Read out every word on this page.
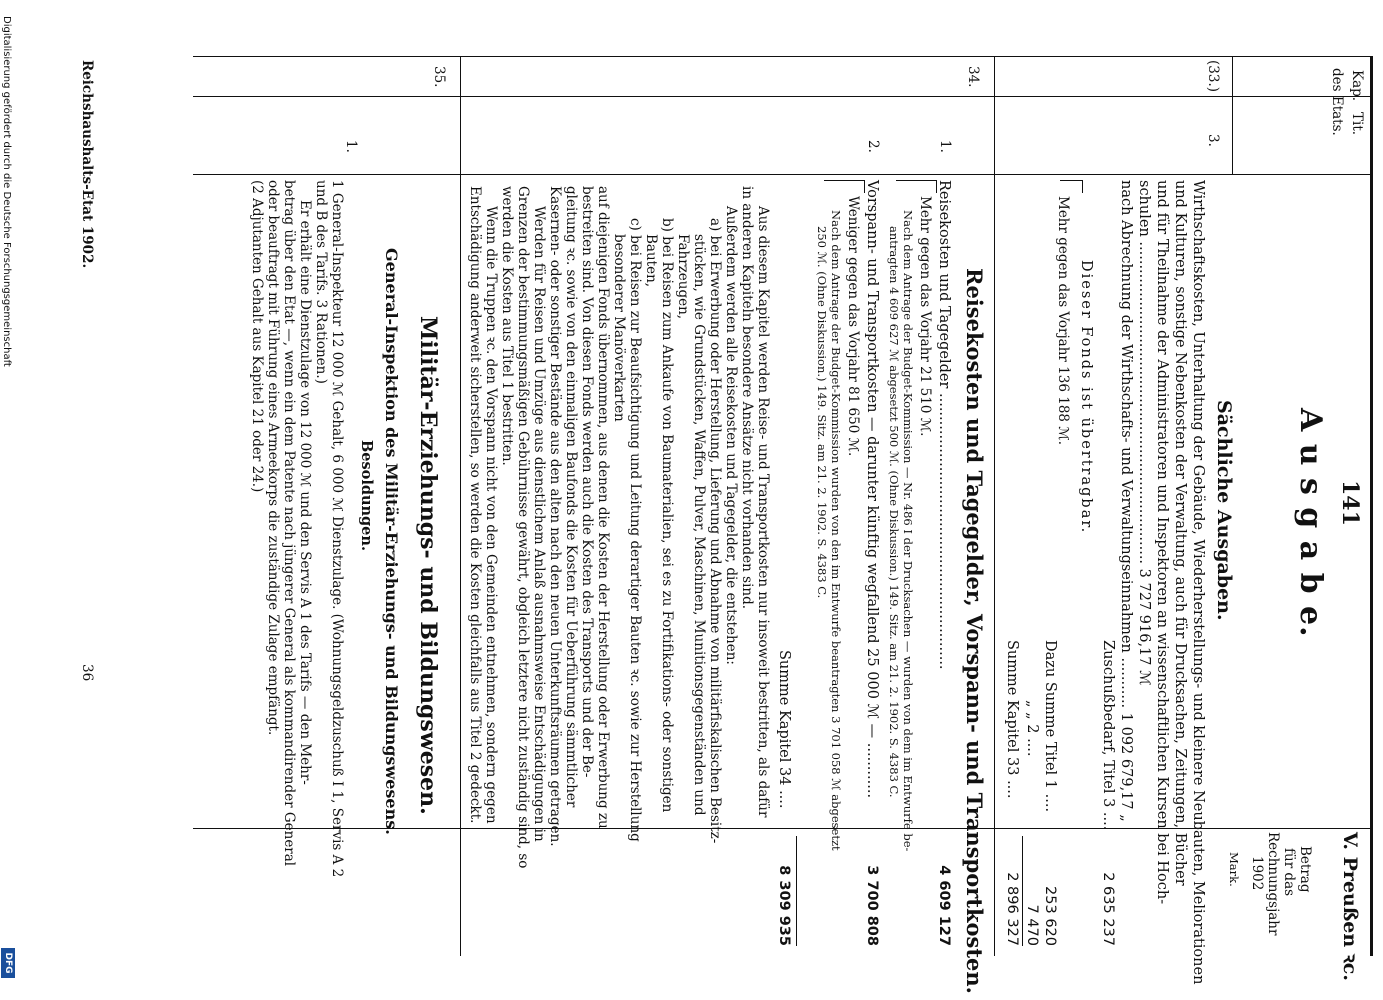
141
V. Preußen ꝛc.
Kap.
Tit.
des Etats.
A u s g a b e.
Betrag
für das
Rechnungsjahr
1902
Mark.
(33.)
3.
Sächliche Ausgaben.
Wirthschaftskosten, Unterhaltung der Gebäude, Wiederherstellungs- und kleinere Neubauten, Meliorationen
und Kulturen, sonstige Nebenkosten der Verwaltung, auch für Drucksachen, Zeitungen, Bücher
und für Theilnahme der Administratoren und Inspektoren an wissenschaftlichen Kursen bei Hoch-
schulen ...................................................................... 3 727 916,17 ℳ
nach Abrechnung der Wirthschafts- und Verwaltungseinnahmen ........... 1 092 679,17 „
Zuschußbedarf, Titel 3 ....
2 635 237
Dieser Fonds ist übertragbar.
Mehr gegen das Vorjahr 136 188 ℳ.
Dazu Summe Titel 1 ....
253 620
„ „ 2 ....
7 470
Summe Kapitel 33 ....
2 896 327
34.
Reisekosten und Tagegelder, Vorspann- und Transportkosten.
1.
Reisekosten und Tagegelder ............................................................
4 609 127
Mehr gegen das Vorjahr 21 510 ℳ.
Nach dem Antrage der Budget-Kommission — Nr. 486 I der Drucksachen — wurden von dem im Entwurfe be-
antragten 4 609 627 ℳ abgesetzt 500 ℳ. (Ohne Diskussion.) 149. Sitz. am 21. 2. 1902. S. 4383 C.
2.
Vorspann- und Transportkosten — darunter künftig wegfallend 25 000 ℳ — ............
3 700 808
Weniger gegen das Vorjahr 81 650 ℳ.
Nach dem Antrage der Budget-Kommission wurden von den im Entwurfe beantragten 3 701 058 ℳ abgesetzt
250 ℳ. (Ohne Diskussion.) 149. Sitz. am 21. 2. 1902. S. 4383 C.
Summe Kapitel 34 ....
8 309 935
Aus diesem Kapitel werden Reise- und Transportkosten nur insoweit bestritten, als dafür
in anderen Kapiteln besondere Ansätze nicht vorhanden sind.
Außerdem werden alle Reisekosten und Tagegelder, die entstehen:
a) bei Erwerbung oder Herstellung, Lieferung und Abnahme von militärfiskalischen Besitz-
stücken, wie Grundstücken, Waffen, Pulver, Maschinen, Munitionsgegenständen und
Fahrzeugen,
b) bei Reisen zum Ankaufe von Baumaterialien, sei es zu Fortifikations- oder sonstigen
Bauten,
c) bei Reisen zur Beaufsichtigung und Leitung derartiger Bauten ꝛc. sowie zur Herstellung
besonderer Manöverkarten
auf diejenigen Fonds übernommen, aus denen die Kosten der Herstellung oder Erwerbung zu
bestreiten sind. Von diesen Fonds werden auch die Kosten des Transports und der Be-
gleitung ꝛc. sowie von den einmaligen Baufonds die Kosten für Ueberführung sämmtlicher
Kasernen- oder sonstiger Bestände aus den alten nach den neuen Unterkunftsräumen getragen.
Werden für Reisen und Umzüge aus dienstlichem Anlaß ausnahmsweise Entschädigungen in
Grenzen der bestimmungsmäßigen Gebührnisse gewährt, obgleich letztere nicht zuständig sind, so
werden die Kosten aus Titel 1 bestritten.
Wenn die Truppen ꝛc. den Vorspann nicht von den Gemeinden entnehmen, sondern gegen
Entschädigung anderweit sicherstellen, so werden die Kosten gleichfalls aus Titel 2 gedeckt.
35.
Militär-Erziehungs- und Bildungswesen.
General-Inspektion des Militär-Erziehungs- und Bildungswesens.
Besoldungen.
1.
1 General-Inspekteur 12 000 ℳ Gehalt, 6 000 ℳ Dienstzulage. (Wohnungsgeldzuschuß I 1, Servis A 2
und B des Tarifs. 3 Rationen.)
Er erhält eine Dienstzulage von 12 000 ℳ und den Servis A 1 des Tarifs — den Mehr-
betrag über den Etat —, wenn ein dem Patente nach jüngerer General als kommandirender General
oder beauftragt mit Führung eines Armeekorps die zuständige Zulage empfängt.
(2 Adjutanten Gehalt aus Kapitel 21 oder 24.)
Reichshaushalts-Etat 1902.
36
Digitalisierung gefördert durch die Deutsche Forschungsgemeinschaft
DFG
